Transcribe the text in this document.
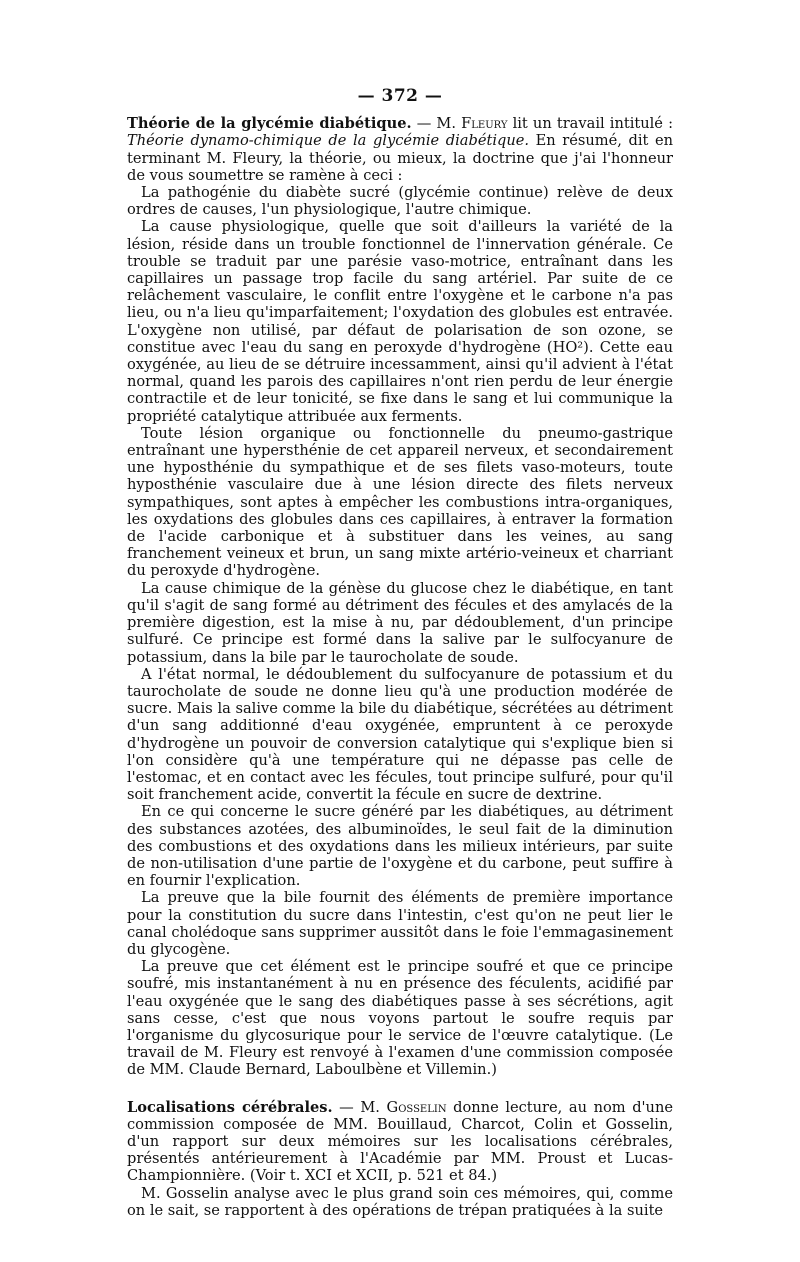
— 372 —

Théorie de la glycémie diabétique. — M. Fleury lit un travail intitulé : Théorie dynamo-chimique de la glycémie diabétique. En résumé, dit en terminant M. Fleury, la théorie, ou mieux, la doctrine que j'ai l'honneur de vous soumettre se ramène à ceci :

La pathogénie du diabète sucré (glycémie continue) relève de deux ordres de causes, l'un physiologique, l'autre chimique.

La cause physiologique, quelle que soit d'ailleurs la variété de la lésion, réside dans un trouble fonctionnel de l'innervation générale. Ce trouble se traduit par une parésie vaso-motrice, entraînant dans les capillaires un passage trop facile du sang artériel. Par suite de ce relâchement vasculaire, le conflit entre l'oxygène et le carbone n'a pas lieu, ou n'a lieu qu'imparfaitement; l'oxydation des globules est entravée. L'oxygène non utilisé, par défaut de polarisation de son ozone, se constitue avec l'eau du sang en peroxyde d'hydrogène (HO²). Cette eau oxygénée, au lieu de se détruire incessamment, ainsi qu'il advient à l'état normal, quand les parois des capillaires n'ont rien perdu de leur énergie contractile et de leur tonicité, se fixe dans le sang et lui communique la propriété catalytique attribuée aux ferments.

Toute lésion organique ou fonctionnelle du pneumo-gastrique entraînant une hypersthénie de cet appareil nerveux, et secondairement une hyposthénie du sympathique et de ses filets vaso-moteurs, toute hyposthénie vasculaire due à une lésion directe des filets nerveux sympathiques, sont aptes à empêcher les combustions intra-organiques, les oxydations des globules dans ces capillaires, à entraver la formation de l'acide carbonique et à substituer dans les veines, au sang franchement veineux et brun, un sang mixte artério-veineux et charriant du peroxyde d'hydrogène.

La cause chimique de la génèse du glucose chez le diabétique, en tant qu'il s'agit de sang formé au détriment des fécules et des amylacés de la première digestion, est la mise à nu, par dédoublement, d'un principe sulfuré. Ce principe est formé dans la salive par le sulfocyanure de potassium, dans la bile par le taurocholate de soude.

A l'état normal, le dédoublement du sulfocyanure de potassium et du taurocholate de soude ne donne lieu qu'à une production modérée de sucre. Mais la salive comme la bile du diabétique, sécrétées au détriment d'un sang additionné d'eau oxygénée, empruntent à ce peroxyde d'hydrogène un pouvoir de conversion catalytique qui s'explique bien si l'on considère qu'à une température qui ne dépasse pas celle de l'estomac, et en contact avec les fécules, tout principe sulfuré, pour qu'il soit franchement acide, convertit la fécule en sucre de dextrine.

En ce qui concerne le sucre généré par les diabétiques, au détriment des substances azotées, des albuminoïdes, le seul fait de la diminution des combustions et des oxydations dans les milieux intérieurs, par suite de non-utilisation d'une partie de l'oxygène et du carbone, peut suffire à en fournir l'explication.

La preuve que la bile fournit des éléments de première importance pour la constitution du sucre dans l'intestin, c'est qu'on ne peut lier le canal cholédoque sans supprimer aussitôt dans le foie l'emmagasinement du glycogène.

La preuve que cet élément est le principe soufré et que ce principe soufré, mis instantanément à nu en présence des féculents, acidifié par l'eau oxygénée que le sang des diabétiques passe à ses sécrétions, agit sans cesse, c'est que nous voyons partout le soufre requis par l'organisme du glycosurique pour le service de l'œuvre catalytique. (Le travail de M. Fleury est renvoyé à l'examen d'une commission composée de MM. Claude Bernard, Laboulbène et Villemin.)

Localisations cérébrales. — M. Gosselin donne lecture, au nom d'une commission composée de MM. Bouillaud, Charcot, Colin et Gosselin, d'un rapport sur deux mémoires sur les localisations cérébrales, présentés antérieurement à l'Académie par MM. Proust et Lucas-Championnière. (Voir t. XCI et XCII, p. 521 et 84.)

M. Gosselin analyse avec le plus grand soin ces mémoires, qui, comme on le sait, se rapportent à des opérations de trépan pratiquées à la suite
